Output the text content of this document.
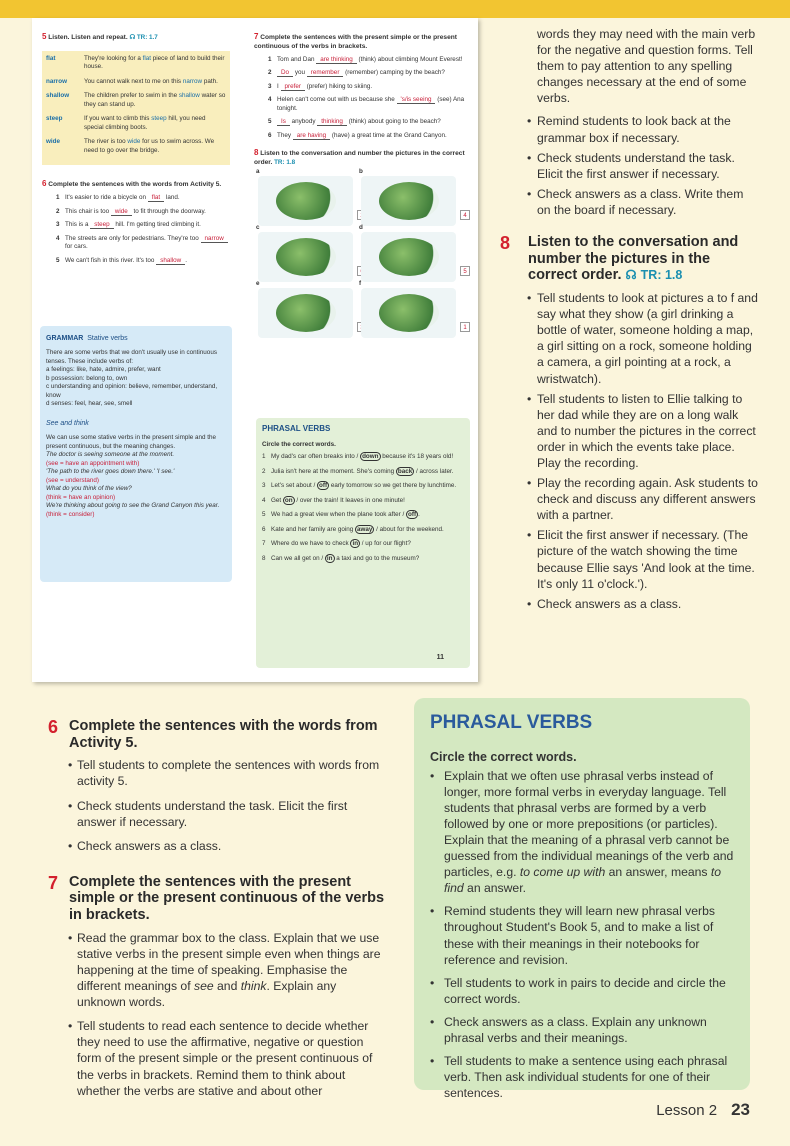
5 Listen. Listen and repeat. ☊ TR: 1.7
flat	They're looking for a flat piece of land to build their house.
narrow	You cannot walk next to me on this narrow path.
shallow	The children prefer to swim in the shallow water so they can stand up.
steep	If you want to climb this steep hill, you need special climbing boots.
wide	The river is too wide for us to swim across. We need to go over the bridge.
6 Complete the sentences with the words from Activity 5.
1 It's easier to ride a bicycle on flat land.
2 This chair is too wide to fit through the doorway.
3 This is a steep hill. I'm getting tired climbing it.
4 The streets are only for pedestrians. They're too narrow for cars.
5 We can't fish in this river. It's too shallow .
GRAMMAR Stative verbs
There are some verbs that we don't usually use in continuous tenses. These include verbs of:
a feelings: like, hate, admire, prefer, want
b possession: belong to, own
c understanding and opinion: believe, remember, understand, know
d senses: feel, hear, see, smell
See and think
We can use some stative verbs in the present simple and the present continuous, but the meaning changes.
The doctor is seeing someone at the moment.
(see = have an appointment with)
'The path to the river goes down there.' 'I see.'
(see = understand)
What do you think of the view?
(think = have an opinion)
We're thinking about going to see the Grand Canyon this year.
(think = consider)
7 Complete the sentences with the present simple or the present continuous of the verbs in brackets.
1 Tom and Dan are thinking (think) about climbing Mount Everest!
2	Do you remember (remember) camping by the beach?
3 I prefer (prefer) hiking to skiing.
4 Helen can't come out with us because she 's/is seeing (see) Ana tonight.
5	Is anybody thinking (think) about going to the beach?
6 They are having (have) a great time at the Grand Canyon.
8 Listen to the conversation and number the pictures in the correct order. TR: 1.8
a	b
4
c	d
5
e	f
1
PHRASAL VERBS
Circle the correct words.
1 My dad's car often breaks into / down because it's 18 years old!
2 Julia isn't here at the moment. She's coming back / across later.
3 Let's set about / off early tomorrow so we get there by lunchtime.
4 Get on / over the train! It leaves in one minute!
5 We had a great view when the plane took after / off .
6 Kate and her family are going away / about for the weekend.
7 Where do we have to check in / up for our flight?
8 Can we all get on / in a taxi and go to the museum?
11

words they may need with the main verb for the negative and question forms. Tell them to pay attention to any spelling changes necessary at the end of some verbs.

• Remind students to look back at the grammar box if necessary.
• Check students understand the task. Elicit the first answer if necessary.
• Check answers as a class. Write them on the board if necessary.
8	Listen to the conversation and number the pictures in the correct order. ☊ TR: 1.8
• Tell students to look at pictures a to f and say what they show (a girl drinking a bottle of water, someone holding a map, a girl sitting on a rock, someone holding a camera, a girl pointing at a rock, a wristwatch).
• Tell students to listen to Ellie talking to her dad while they are on a long walk and to number the pictures in the correct order in which the events take place. Play the recording.
• Play the recording again. Ask students to check and discuss any different answers with a partner.
• Elicit the first answer if necessary. (The picture of the watch showing the time because Ellie says 'And look at the time. It's only 11 o'clock.').
• Check answers as a class.
6 Complete the sentences with the words from Activity 5.
• Tell students to complete the sentences with words from activity 5.
• Check students understand the task. Elicit the first answer if necessary.
• Check answers as a class.
7 Complete the sentences with the present simple or the present continuous of the verbs in brackets.
• Read the grammar box to the class. Explain that we use stative verbs in the present simple even when things are happening at the time of speaking. Emphasise the different meanings of see and think. Explain any unknown words.
• Tell students to read each sentence to decide whether they need to use the affirmative, negative or question form of the present simple or the present continuous of the verbs in brackets. Remind them to think about whether the verbs are stative and about other
PHRASAL VERBS
Circle the correct words.
• Explain that we often use phrasal verbs instead of longer, more formal verbs in everyday language. Tell students that phrasal verbs are formed by a verb followed by one or more prepositions (or particles). Explain that the meaning of a phrasal verb cannot be guessed from the individual meanings of the verb and particles, e.g. to come up with an answer, means to find an answer.
• Remind students they will learn new phrasal verbs throughout Student's Book 5, and to make a list of these with their meanings in their notebooks for reference and revision.
• Tell students to work in pairs to decide and circle the correct words.
• Check answers as a class. Explain any unknown phrasal verbs and their meanings.
• Tell students to make a sentence using each phrasal verb. Then ask individual students for one of their sentences.
Lesson 2 23
